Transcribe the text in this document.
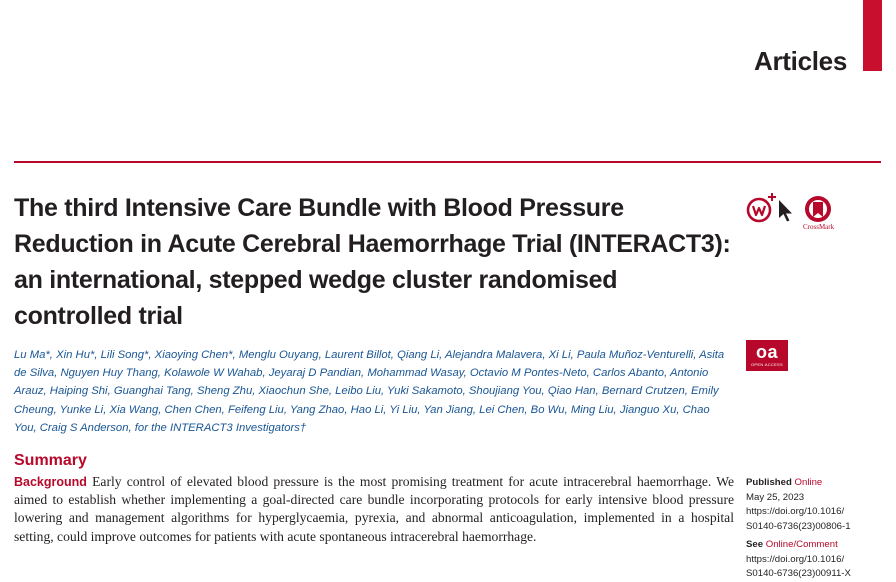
Articles
The third Intensive Care Bundle with Blood Pressure Reduction in Acute Cerebral Haemorrhage Trial (INTERACT3): an international, stepped wedge cluster randomised controlled trial
CrossMark
oa
OPEN ACCESS

Lu Ma*, Xin Hu*, Lili Song*, Xiaoying Chen*, Menglu Ouyang, Laurent Billot, Qiang Li, Alejandra Malavera, Xi Li, Paula Muñoz-Venturelli, Asita de Silva, Nguyen Huy Thang, Kolawole W Wahab, Jeyaraj D Pandian, Mohammad Wasay, Octavio M Pontes-Neto, Carlos Abanto, Antonio Arauz, Haiping Shi, Guanghai Tang, Sheng Zhu, Xiaochun She, Leibo Liu, Yuki Sakamoto, Shoujiang You, Qiao Han, Bernard Crutzen, Emily Cheung, Yunke Li, Xia Wang, Chen Chen, Feifeng Liu, Yang Zhao, Hao Li, Yi Liu, Yan Jiang, Lei Chen, Bo Wu, Ming Liu, Jianguo Xu, Chao You, Craig S Anderson, for the INTERACT3 Investigators†

Summary

Background Early control of elevated blood pressure is the most promising treatment for acute intracerebral haemorrhage. We aimed to establish whether implementing a goal-directed care bundle incorporating protocols for early intensive blood pressure lowering and management algorithms for hyperglycaemia, pyrexia, and abnormal anticoagulation, implemented in a hospital setting, could improve outcomes for patients with acute spontaneous intracerebral haemorrhage.

Published Online
May 25, 2023
https://doi.org/10.1016/
S0140-6736(23)00806-1
See Online/Comment
https://doi.org/10.1016/
S0140-6736(23)00911-X
